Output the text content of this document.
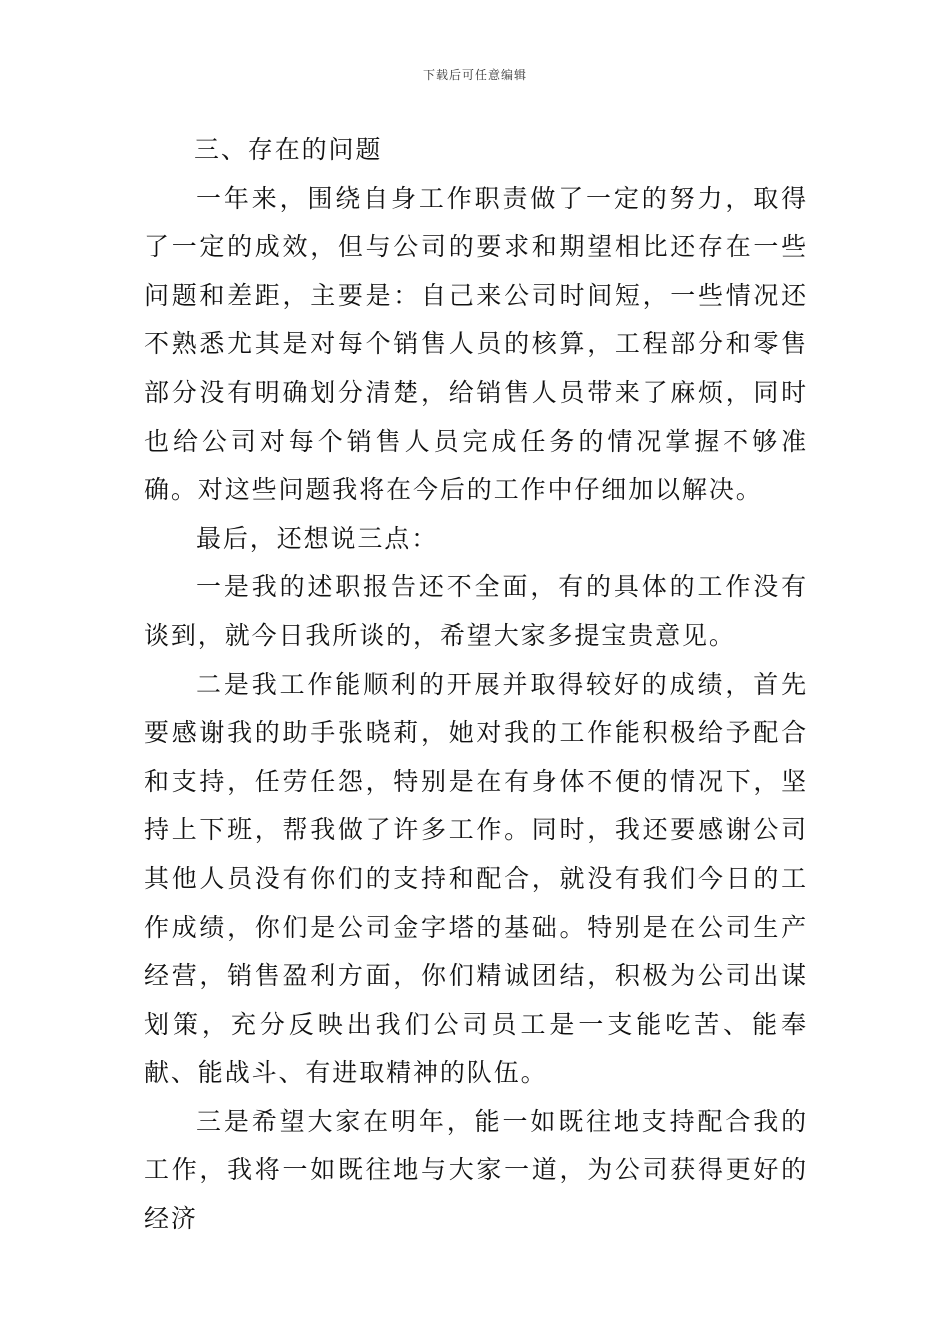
下载后可任意编辑

三、存在的问题

一年来，围绕自身工作职责做了一定的努力，取得了一定的成效，但与公司的要求和期望相比还存在一些问题和差距，主要是：自己来公司时间短，一些情况还不熟悉尤其是对每个销售人员的核算，工程部分和零售部分没有明确划分清楚，给销售人员带来了麻烦，同时也给公司对每个销售人员完成任务的情况掌握不够准确。对这些问题我将在今后的工作中仔细加以解决。

最后，还想说三点：

一是我的述职报告还不全面，有的具体的工作没有谈到，就今日我所谈的，希望大家多提宝贵意见。

二是我工作能顺利的开展并取得较好的成绩，首先要感谢我的助手张晓莉，她对我的工作能积极给予配合和支持，任劳任怨，特别是在有身体不便的情况下，坚持上下班，帮我做了许多工作。同时，我还要感谢公司其他人员没有你们的支持和配合，就没有我们今日的工作成绩，你们是公司金字塔的基础。特别是在公司生产经营，销售盈利方面，你们精诚团结，积极为公司出谋划策，充分反映出我们公司员工是一支能吃苦、能奉献、能战斗、有进取精神的队伍。

三是希望大家在明年，能一如既往地支持配合我的工作，我将一如既往地与大家一道，为公司获得更好的经济
